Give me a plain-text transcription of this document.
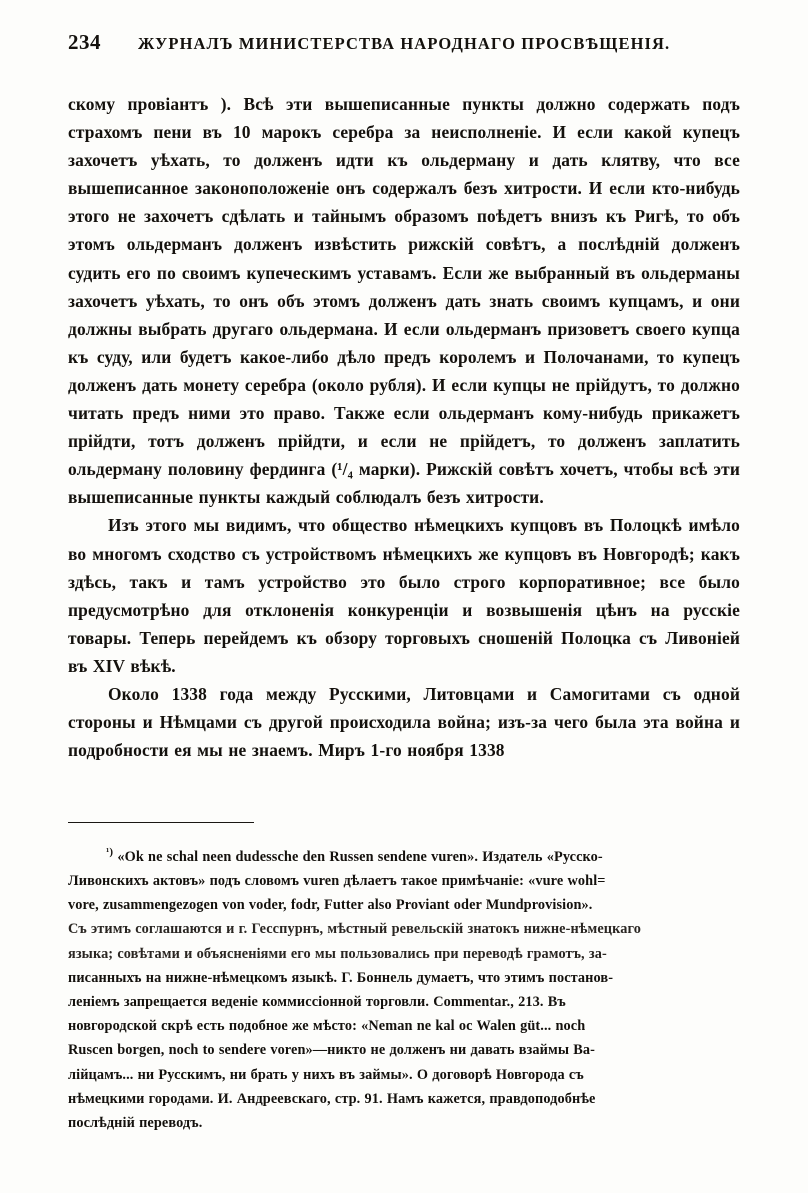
234	ЖУРНАЛЪ МИНИСТЕРСТВА НАРОДНАГО ПРОСВѢЩЕНІЯ.

скому провіантъ ). Всѣ эти вышеписанные пункты должно содержать подъ страхомъ пени въ 10 марокъ серебра за неисполненіе. И если какой купецъ захочетъ уѣхать, то долженъ идти къ ольдерману и дать клятву, что все вышеписанное законоположеніе онъ содержалъ безъ хитрости. И если кто-нибудь этого не захочетъ сдѣлать и тайнымъ образомъ поѣдетъ внизъ къ Ригѣ, то объ этомъ ольдерманъ долженъ извѣстить рижскій совѣтъ, а послѣдній долженъ судить его по своимъ купеческимъ уставамъ. Если же выбранный въ ольдерманы захочетъ уѣхать, то онъ объ этомъ долженъ дать знать своимъ купцамъ, и они должны выбрать другаго ольдермана. И если ольдерманъ призоветъ своего купца къ суду, или будетъ какое-либо дѣло предъ королемъ и Полочанами, то купецъ долженъ дать монету серебра (около рубля). И если купцы не прійдутъ, то должно читать предъ ними это право. Также если ольдерманъ кому-нибудь прикажетъ прійдти, тотъ долженъ прійдти, и если не прійдетъ, то долженъ заплатить ольдерману половину фердинга (¹/₄ марки). Рижскій совѣтъ хочетъ, чтобы всѣ эти вышеписанные пункты каждый соблюдалъ безъ хитрости.

Изъ этого мы видимъ, что общество нѣмецкихъ купцовъ въ Полоцкѣ имѣло во многомъ сходство съ устройствомъ нѣмецкихъ же купцовъ въ Новгородѣ; какъ здѣсь, такъ и тамъ устройство это было строго корпоративное; все было предусмотрѣно для отклоненія конкуренціи и возвышенія цѣнъ на русскіе товары. Теперь перейдемъ къ обзору торговыхъ сношеній Полоцка съ Ливоніей въ XIV вѣкѣ.

Около 1338 года между Русскими, Литовцами и Самогитами съ одной стороны и Нѣмцами съ другой происходила война; изъ-за чего была эта война и подробности ея мы не знаемъ. Миръ 1-го ноября 1338

$^{^1)}$ «Ok ne schal neen dudessche den Russen sendene vuren». Издатель «Русско-

Ливонскихъ актовъ» подъ словомъ vuren дѣлаетъ такое примѣчаніе: «vure wohl=

vore, zusammengezogen von voder, fodr, Futter also Proviant oder Mundprovision».

Съ этимъ соглашаются и г. Гесспурнъ, мѣстный ревельскій знатокъ нижне-нѣмецкаго

языка; совѣтами и объясненіями его мы пользовались при переводѣ грамотъ, за-

писанныхъ на нижне-нѣмецкомъ языкѣ. Г. Боннель думаетъ, что этимъ постанов-

леніемъ запрещается веденіе коммиссіонной торговли. Commentar., 213. Въ

новгородской скрѣ есть подобное же мѣсто: «Neman ne kal oc Walen güt... noch

Ruscen borgen, noch to sendere voren»—никто не долженъ ни давать взаймы Ва-

лійцамъ... ни Русскимъ, ни брать у нихъ въ займы». О договорѣ Новгорода съ

нѣмецкими городами. И. Андреевскаго, стр. 91. Намъ кажется, правдоподобнѣе

послѣдній переводъ.
